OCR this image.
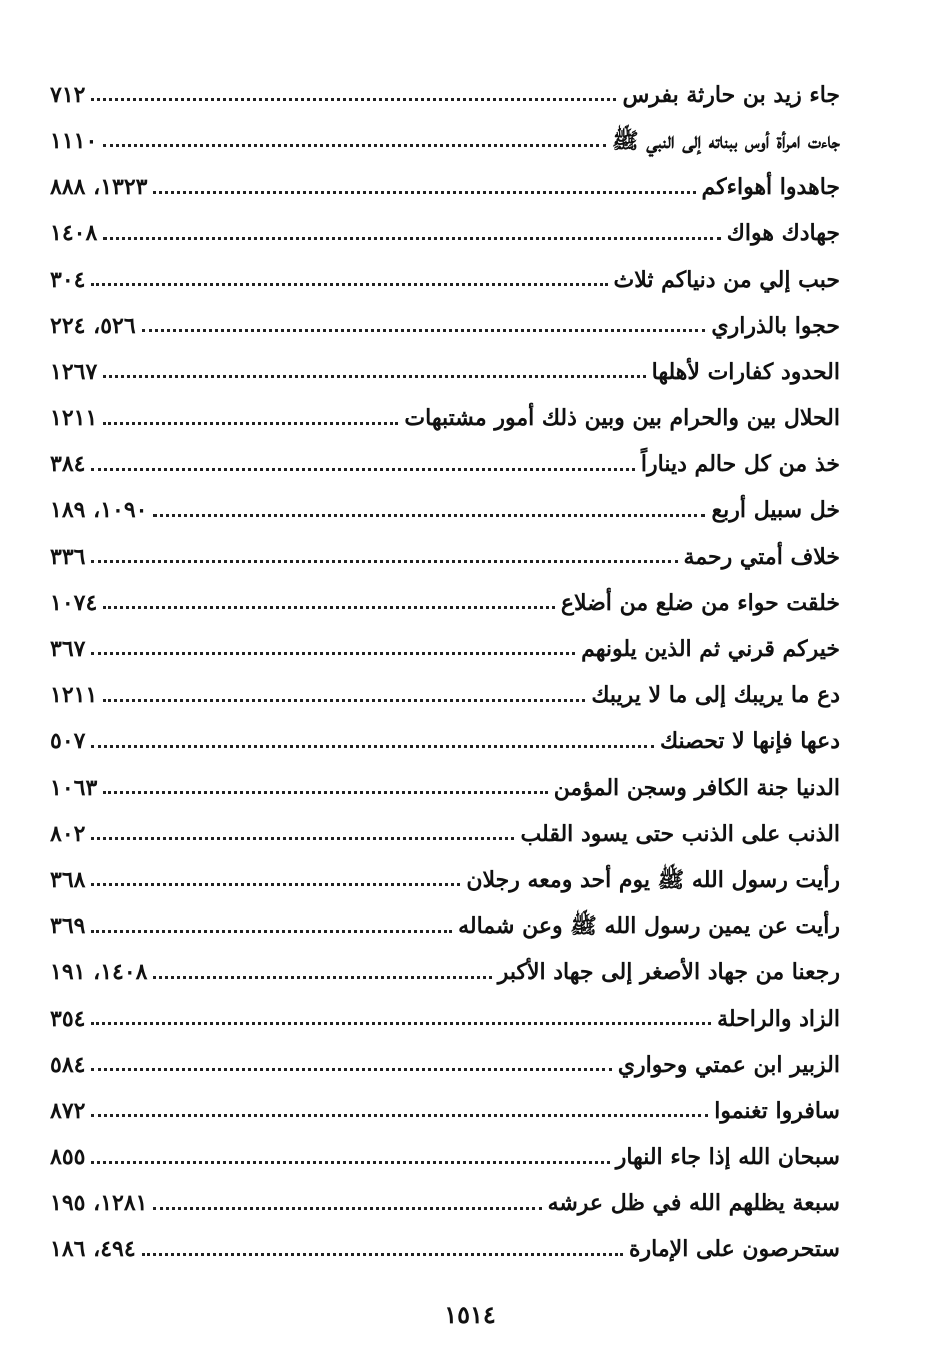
جاء زيد بن حارثة بفرس
٧١٢
جاءت امرأة أوس ببناته إلى النبي ﷺ
١١١٠
جاهدوا أهواءكم
١٣٢٣، ٨٨٨
جهادك هواك
١٤٠٨
حبب إلي من دنياكم ثلاث
٣٠٤
حجوا بالذراري
٥٢٦، ٢٢٤
الحدود كفارات لأهلها
١٢٦٧
الحلال بين والحرام بين وبين ذلك أمور مشتبهات
١٢١١
خذ من كل حالم ديناراً
٣٨٤
خل سبيل أربع
١٠٩٠، ١٨٩
خلاف أمتي رحمة
٣٣٦
خلقت حواء من ضلع من أضلاع
١٠٧٤
خيركم قرني ثم الذين يلونهم
٣٦٧
دع ما يريبك إلى ما لا يريبك
١٢١١
دعها فإنها لا تحصنك
٥٠٧
الدنيا جنة الكافر وسجن المؤمن
١٠٦٣
الذنب على الذنب حتى يسود القلب
٨٠٢
رأيت رسول الله ﷺ يوم أحد ومعه رجلان
٣٦٨
رأيت عن يمين رسول الله ﷺ وعن شماله
٣٦٩
رجعنا من جهاد الأصغر إلى جهاد الأكبر
١٤٠٨، ١٩١
الزاد والراحلة
٣٥٤
الزبير ابن عمتي وحواري
٥٨٤
سافروا تغنموا
٨٧٢
سبحان الله إذا جاء النهار
٨٥٥
سبعة يظلهم الله في ظل عرشه
١٢٨١، ١٩٥
ستحرصون على الإمارة
٤٩٤، ١٨٦
١٥١٤
